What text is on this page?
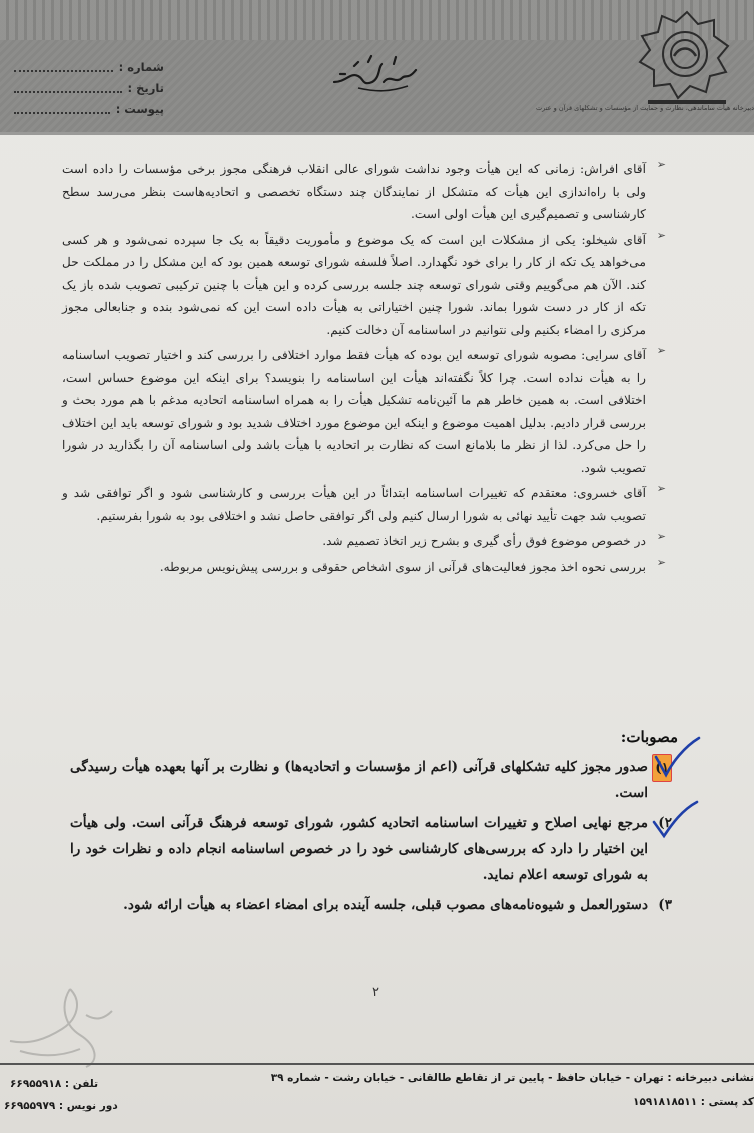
شماره :
تاریخ :
پیوست :	دبیرخانه هیأت ساماندهی، نظارت و حمایت از مؤسسات و تشکلهای قرآن و عترت
➢
آقای افراش: زمانی که این هیأت وجود نداشت شورای عالی انقلاب فرهنگی مجوز برخی مؤسسات را داده است ولی با راه‌اندازی این هیأت که متشکل از نمایندگان چند دستگاه تخصصی و اتحادیه‌هاست بنظر می‌رسد سطح کارشناسی و تصمیم‌گیری این هیأت اولی است.
➢
آقای شیخلو: یکی از مشکلات این است که یک موضوع و مأموریت دقیقاً به یک جا سپرده نمی‌شود و هر کسی می‌خواهد یک تکه از کار را برای خود نگهدارد. اصلاً فلسفه شورای توسعه همین بود که این مشکل را در مملکت حل کند. الآن هم می‌گوییم وقتی شورای توسعه چند جلسه بررسی کرده و این هیأت با چنین ترکیبی تصویب شده باز یک تکه از کار در دست شورا بماند. شورا چنین اختیاراتی به هیأت داده است این که نمی‌شود بنده و جنابعالی مجوز مرکزی را امضاء بکنیم ولی نتوانیم در اساسنامه آن دخالت کنیم.
➢
آقای سرایی: مصوبه شورای توسعه این بوده که هیأت فقط موارد اختلافی را بررسی کند و اختیار تصویب اساسنامه را به هیأت نداده است. چرا کلاً نگفته‌اند هیأت این اساسنامه را بنویسد؟ برای اینکه این موضوع حساس است، اختلافی است. به همین خاطر هم ما آئین‌نامه تشکیل هیأت را به همراه اساسنامه اتحادیه مدغم با هم مورد بحث و بررسی قرار دادیم. بدلیل اهمیت موضوع و اینکه این موضوع مورد اختلاف شدید بود و شورای توسعه باید این اختلاف را حل می‌کرد. لذا از نظر ما بلامانع است که نظارت بر اتحادیه با هیأت باشد ولی اساسنامه آن را بگذارید در شورا تصویب شود.
➢
آقای خسروی: معتقدم که تغییرات اساسنامه ابتدائاً در این هیأت بررسی و کارشناسی شود و اگر توافقی شد و تصویب شد جهت تأیید نهائی به شورا ارسال کنیم ولی اگر توافقی حاصل نشد و اختلافی بود به شورا بفرستیم.
➢
در خصوص موضوع فوق رأی گیری و بشرح زیر اتخاذ تصمیم شد.
➢
بررسی نحوه اخذ مجوز فعالیت‌های قرآنی از سوی اشخاص حقوقی و بررسی پیش‌نویس مربوطه.
مصوبات:
۱)
صدور مجوز کلیه تشکلهای قرآنی (اعم از مؤسسات و اتحادیه‌ها) و نظارت بر آنها بعهده هیأت رسیدگی است.
۲)
مرجع نهایی اصلاح و تغییرات اساسنامه اتحادیه کشور، شورای توسعه فرهنگ قرآنی است. ولی هیأت این اختیار را دارد که بررسی‌های کارشناسی خود را در خصوص اساسنامه انجام داده و نظرات خود را به شورای توسعه اعلام نماید.
۳)
دستورالعمل و شیوه‌نامه‌های مصوب قبلی، جلسه آینده برای امضاء اعضاء به هیأت ارائه شود.
۲
نشانی دبیرخانه : تهران - خیابان حافظ - پایین تر از تقاطع طالقانی - خیابان رشت - شماره ۳۹
کد پستی : ۱۵۹۱۸۱۸۵۱۱
تلفن : ۶۶۹۵۵۹۱۸
دور نویس : ۶۶۹۵۵۹۷۹
